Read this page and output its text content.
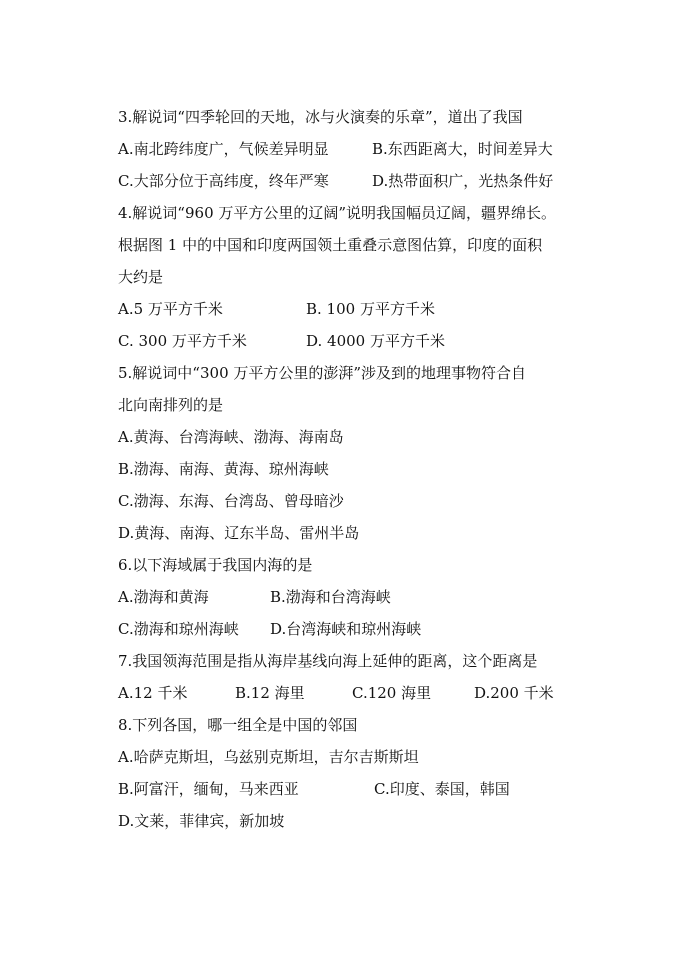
3.解说词“四季轮回的天地，冰与火演奏的乐章”，道出了我国
A.南北跨纬度广，气候差异明显	B.东西距离大，时间差异大
C.大部分位于高纬度，终年严寒	D.热带面积广，光热条件好
4.解说词“960 万平方公里的辽阔”说明我国幅员辽阔，疆界绵长。
根据图 1 中的中国和印度两国领土重叠示意图估算，印度的面积
大约是
A.5 万平方千米	B. 100 万平方千米
C. 300 万平方千米	D. 4000 万平方千米
5.解说词中“300 万平方公里的澎湃”涉及到的地理事物符合自
北向南排列的是
A.黄海、台湾海峡、渤海、海南岛
B.渤海、南海、黄海、琼州海峡
C.渤海、东海、台湾岛、曾母暗沙
D.黄海、南海、辽东半岛、雷州半岛
6.以下海域属于我国内海的是
A.渤海和黄海	B.渤海和台湾海峡
C.渤海和琼州海峡 D.台湾海峡和琼州海峡
7.我国领海范围是指从海岸基线向海上延伸的距离，这个距离是
A.12 千米	B.12 海里	C.120 海里	D.200 千米
8.下列各国，哪一组全是中国的邻国
A.哈萨克斯坦，乌兹别克斯坦，吉尔吉斯斯坦
B.阿富汗，缅甸，马来西亚	C.印度、泰国，韩国
D.文莱，菲律宾，新加坡
